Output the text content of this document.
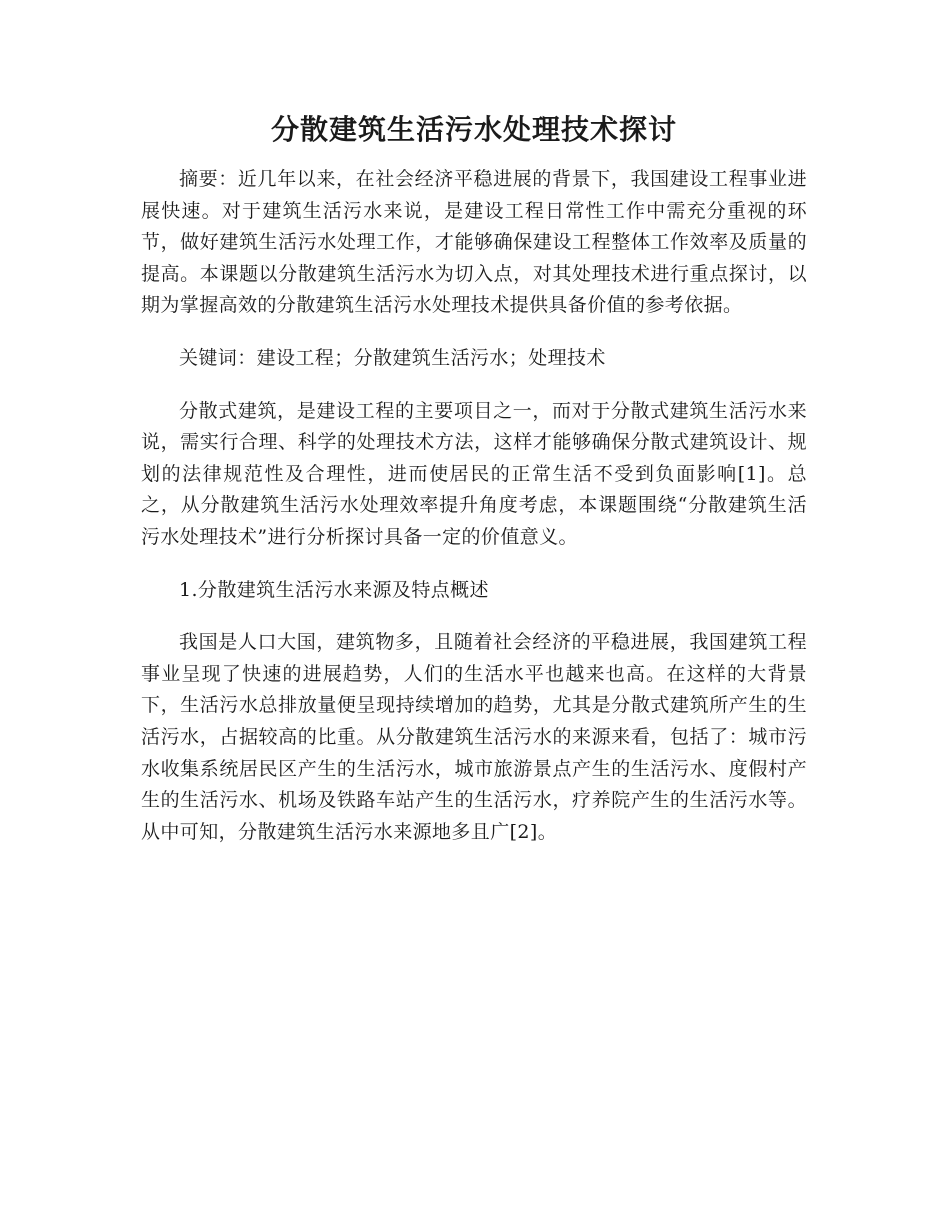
分散建筑生活污水处理技术探讨

摘要：近几年以来，在社会经济平稳进展的背景下，我国建设工程事业进展快速。对于建筑生活污水来说，是建设工程日常性工作中需充分重视的环节，做好建筑生活污水处理工作，才能够确保建设工程整体工作效率及质量的提高。本课题以分散建筑生活污水为切入点，对其处理技术进行重点探讨，以期为掌握高效的分散建筑生活污水处理技术提供具备价值的参考依据。

关键词：建设工程；分散建筑生活污水；处理技术

分散式建筑，是建设工程的主要项目之一，而对于分散式建筑生活污水来说，需实行合理、科学的处理技术方法，这样才能够确保分散式建筑设计、规划的法律规范性及合理性，进而使居民的正常生活不受到负面影响[1]。总之，从分散建筑生活污水处理效率提升角度考虑，本课题围绕“分散建筑生活污水处理技术”进行分析探讨具备一定的价值意义。

1.分散建筑生活污水来源及特点概述

我国是人口大国，建筑物多，且随着社会经济的平稳进展，我国建筑工程事业呈现了快速的进展趋势，人们的生活水平也越来也高。在这样的大背景下，生活污水总排放量便呈现持续增加的趋势，尤其是分散式建筑所产生的生活污水，占据较高的比重。从分散建筑生活污水的来源来看，包括了：城市污水收集系统居民区产生的生活污水，城市旅游景点产生的生活污水、度假村产生的生活污水、机场及铁路车站产生的生活污水，疗养院产生的生活污水等。从中可知，分散建筑生活污水来源地多且广[2]。
